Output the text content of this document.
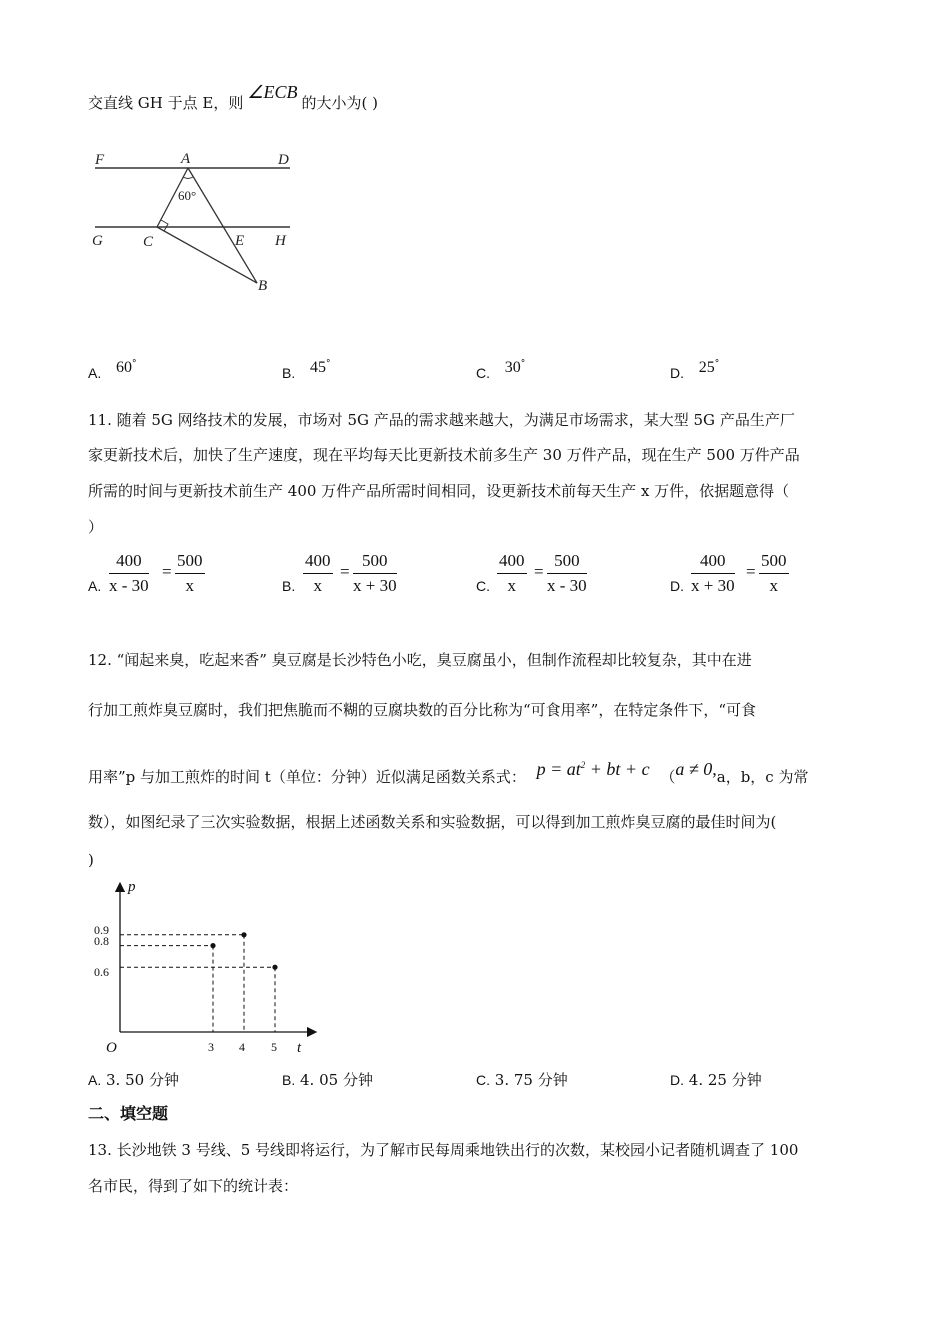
交直线 GH 于点 E，则∠ECB的大小为( )
F	A	D
60°
G	C	E H
B
A. 60°
B. 45°
C. 30°
D. 25°
11. 随着 5G 网络技术的发展，市场对 5G 产品的需求越来越大，为满足市场需求，某大型 5G 产品生产厂
家更新技术后，加快了生产速度，现在平均每天比更新技术前多生产 30 万件产品，现在生产 500 万件产品
所需的时间与更新技术前生产 400 万件产品所需时间相同，设更新技术前每天生产 x 万件，依据题意得（
）
A.
400
x - 30
=
500
x	B.
400
x
=
500
x + 30	C.
400
x
=
500
x - 30	D.
400
x + 30
=
500
x
12. “闻起来臭，吃起来香” 臭豆腐是长沙特色小吃，臭豆腐虽小，但制作流程却比较复杂，其中在进
行加工煎炸臭豆腐时，我们把焦脆而不糊的豆腐块数的百分比称为“可食用率”，在特定条件下，“可食
用率”p 与加工煎炸的时间 t（单位：分钟）近似满足函数关系式： $p = at^2$ + bt + c （a ≠ 0,a，b，c 为常
数），如图纪录了三次实验数据，根据上述函数关系和实验数据，可以得到加工煎炸臭豆腐的最佳时间为(
)
p
t
O
0.9
0.8
0.6
3 4 5
A. 3. 50 分钟	B. 4. 05 分钟	C. 3. 75 分钟	D. 4. 25 分钟
二、填空题
13. 长沙地铁 3 号线、5 号线即将运行，为了解市民每周乘地铁出行的次数，某校园小记者随机调查了 100
名市民，得到了如下的统计表：
